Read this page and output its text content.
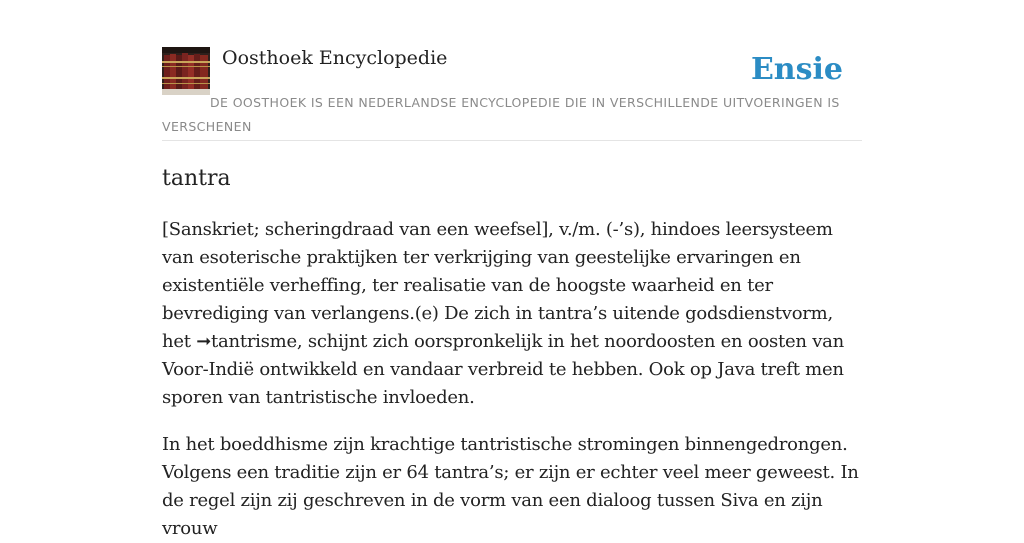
Oosthoek Encyclopedie	Ensie
DE OOSTHOEK IS EEN NEDERLANDSE ENCYCLOPEDIE DIE IN VERSCHILLENDE UITVOERINGEN IS VERSCHENEN
tantra

[Sanskriet; scheringdraad van een weefsel], v./m. (-’s), hindoes leersysteem van esoterische praktijken ter verkrijging van geestelijke ervaringen en existentiële verheffing, ter realisatie van de hoogste waarheid en ter bevrediging van verlangens.(e) De zich in tantra’s uitende godsdienstvorm, het ➞tantrisme, schijnt zich oorspronkelijk in het noordoosten en oosten van Voor-Indië ontwikkeld en vandaar verbreid te hebben. Ook op Java treft men sporen van tantristische invloeden.

In het boeddhisme zijn krachtige tantristische stromingen binnengedrongen. Volgens een traditie zijn er 64 tantra’s; er zijn er echter veel meer geweest. In de regel zijn zij geschreven in de vorm van een dialoog tussen Siva en zijn vrouw
